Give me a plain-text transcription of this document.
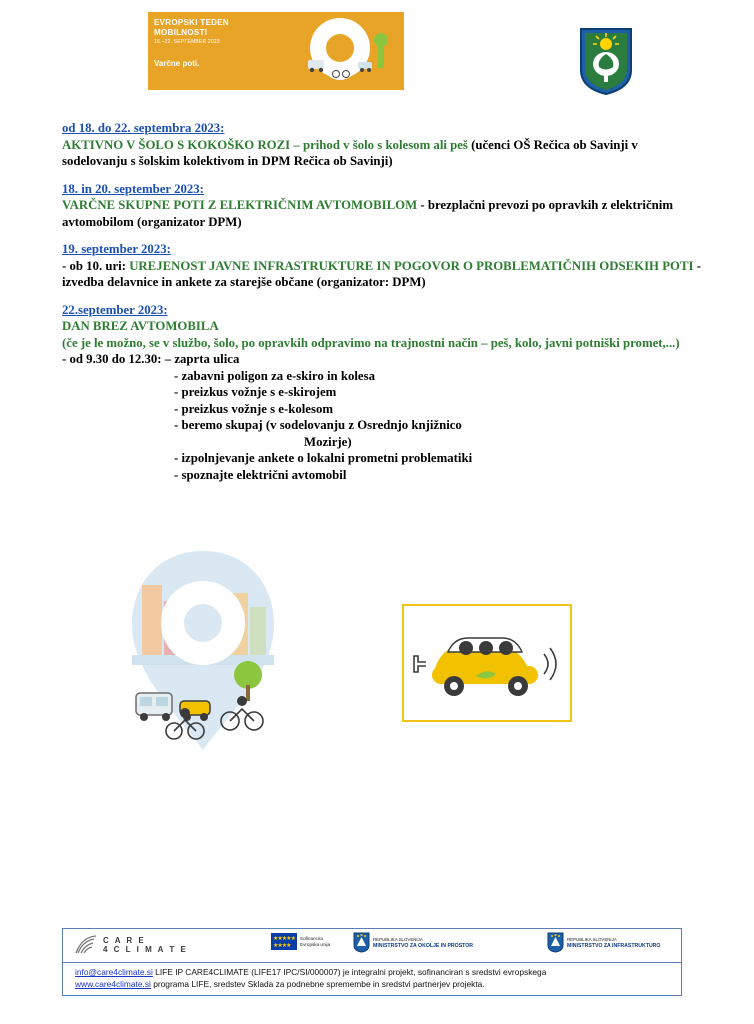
EVROPSKI TEDEN MOBILNOSTI
16.–22. SEPTEMBER 2023
Varčne poti.
od 18. do 22. septembra 2023:
AKTIVNO V ŠOLO S KOKOŠKO ROZI – prihod v šolo s kolesom ali peš (učenci OŠ Rečica ob Savinji v sodelovanju s šolskim kolektivom in DPM Rečica ob Savinji)
18. in 20. september 2023:
VARČNE SKUPNE POTI Z ELEKTRIČNIM AVTOMOBILOM - brezplačni prevozi po opravkih z električnim avtomobilom (organizator DPM)
19. september 2023:
- ob 10. uri: UREJENOST JAVNE INFRASTRUKTURE IN POGOVOR O PROBLEMATIČNIH ODSEKIH POTI - izvedba delavnice in ankete za starejše občane (organizator: DPM)
22.september 2023:
DAN BREZ AVTOMOBILA
(če je le možno, se v službo, šolo, po opravkih odpravimo na trajnostni način – peš, kolo, javni potniški promet,...)
- od 9.30 do 12.30: – zaprta ulica
- zabavni poligon za e-skiro in kolesa
- preizkus vožnje s e-skirojem
- preizkus vožnje s e-kolesom
- beremo skupaj (v sodelovanju z Osrednjo knjižnico
Mozirje)
- izpolnjevanje ankete o lokalni prometni problematiki
- spoznajte električni avtomobil
C A R E
4 C L I M A T E
★★★★★
★★★★
Sofinancira
Evropska unija
REPUBLIKA SLOVENIJA
MINISTRSTVO ZA OKOLJE IN PROSTOR
REPUBLIKA SLOVENIJA
MINISTRSTVO ZA INFRASTRUKTURO
info@care4climate.si LIFE IP CARE4CLIMATE (LIFE17 IPC/SI/000007) je integralni projekt, sofinanciran s sredstvi evropskega
www.care4climate.si programa LIFE, sredstev Sklada za podnebne spremembe in sredstvi partnerjev projekta.
